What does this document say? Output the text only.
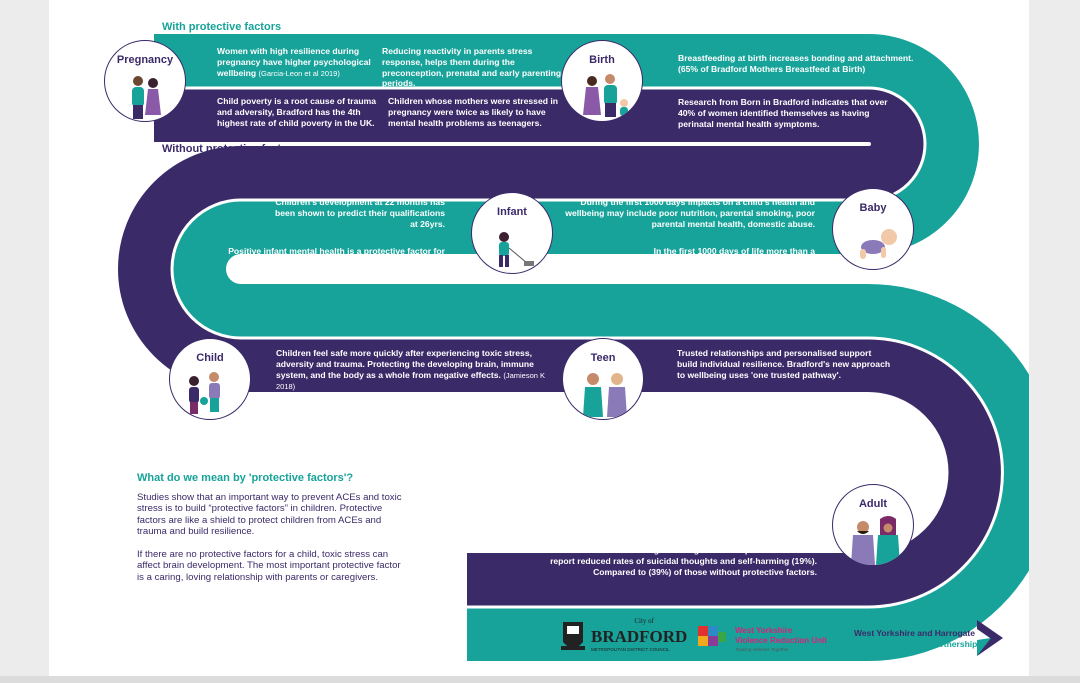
With protective factors
Without protective factors

Women with high resilience during pregnancy have higher psychological wellbeing (Garcia-Leon et al 2019)

Reducing reactivity in parents stress response, helps them during the preconception, prenatal and early parenting periods.

Child poverty is a root cause of trauma and adversity, Bradford has the 4th highest rate of child poverty in the UK.

Children whose mothers were stressed in pregnancy were twice as likely to have mental health problems as teenagers.

Breastfeeding at birth increases bonding and attachment. (65% of Bradford Mothers Breastfeed at Birth)

Research from Born in Bradford indicates that over 40% of women identified themselves as having perinatal mental health symptoms.

Children's development at 22 months has been shown to predict their qualifications at 26yrs.

During the first 1000 days impacts on a child's health and wellbeing may include poor nutrition, parental smoking, poor parental mental health, domestic abuse.

Positive infant mental health is a protective factor for adversity and trauma. In Bradford 100% of our workforce are offered specialist training.

In the first 1000 days of life more than a million connections are formed every second in a baby's brain.

Children feel safe more quickly after experiencing toxic stress, adversity and trauma. Protecting the developing brain, immune system, and the body as a whole from negative effects. (Jamieson K 2018)

Trusted relationships and personalised support build individual resilience. Bradford's new approach to wellbeing uses 'one trusted pathway'.

Children with 4 or more ACEs are twice as likely to be overweight or obese

and are more likely to have learning or behaviour problems compared with children with no ACES.

18% of school age young people are reported to be persistently absent from school, impacting on educational attainment and future opportunities.

Individuals who experience trauma, adversity and toxic stress are more likely to have poor physical health e.g. adults are 2.2 times as likely to have ischemic heart disease.

Adults who acknowledged having childhood protective factors report reduced rates of suicidal thoughts and self-harming (19%). Compared to (39%) of those without protective factors.

Pregnancy	Birth
Baby
Infant
Child	Teen
Adult
What do we mean by 'protective factors'?

Studies show that an important way to prevent ACEs and toxic stress is to build “protective factors” in children. Protective factors are like a shield to protect children from ACEs and trauma and build resilience.

If there are no protective factors for a child, toxic stress can affect brain development. The most important protective factor is a caring, loving relationship with parents or caregivers.

City of
BRADFORD
METROPOLITAN DISTRICT COUNCIL
West Yorkshire
Violence Reduction Unit
Tackling Violence Together
West Yorkshire and Harrogate
Health and Care Partnership
